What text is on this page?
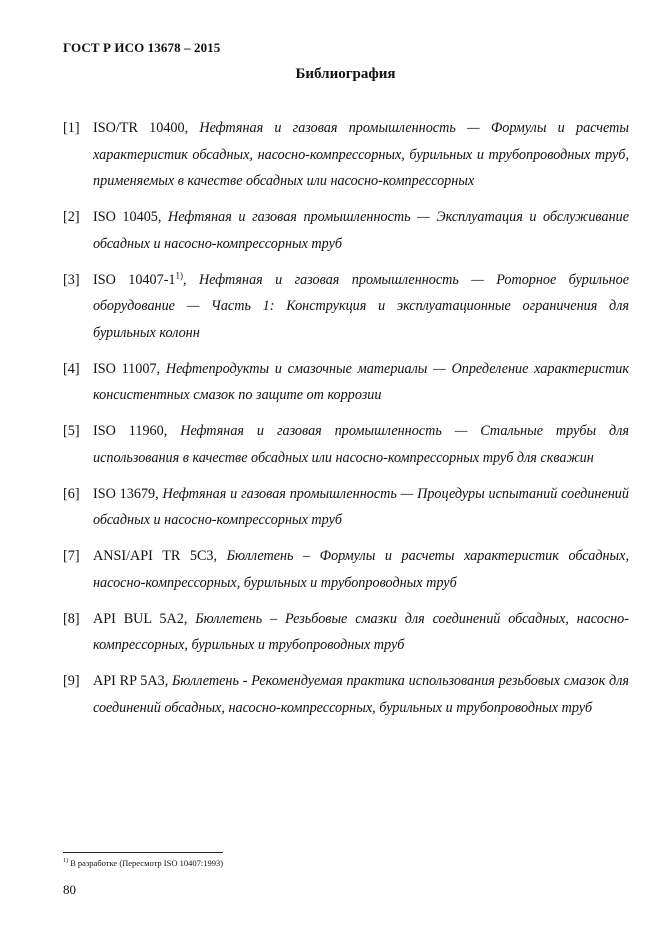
ГОСТ Р ИСО 13678 – 2015
Библиография
[1] ISO/TR 10400, Нефтяная и газовая промышленность — Формулы и расчеты характеристик обсадных, насосно-компрессорных, бурильных и трубопроводных труб, применяемых в качестве обсадных или насосно-компрессорных
[2] ISO 10405, Нефтяная и газовая промышленность — Эксплуатация и обслуживание обсадных и насосно-компрессорных труб
[3] ISO 10407-1$^{1)}$, Нефтяная и газовая промышленность — Роторное бурильное оборудование — Часть 1: Конструкция и эксплуатационные ограничения для бурильных колонн
[4] ISO 11007, Нефтепродукты и смазочные материалы — Определение характеристик консистентных смазок по защите от коррозии
[5] ISO 11960, Нефтяная и газовая промышленность — Стальные трубы для использования в качестве обсадных или насосно-компрессорных труб для скважин
[6] ISO 13679, Нефтяная и газовая промышленность — Процедуры испытаний соединений обсадных и насосно-компрессорных труб
[7] ANSI/API TR 5C3, Бюллетень – Формулы и расчеты характеристик обсадных, насосно-компрессорных, бурильных и трубопроводных труб
[8] API BUL 5A2, Бюллетень – Резьбовые смазки для соединений обсадных, насосно-компрессорных, бурильных и трубопроводных труб
[9] API RP 5A3, Бюллетень - Рекомендуемая практика использования резьбовых смазок для соединений обсадных, насосно-компрессорных, бурильных и трубопроводных труб
$^{1)}$ В разработке (Пересмотр ISO 10407:1993)
80
